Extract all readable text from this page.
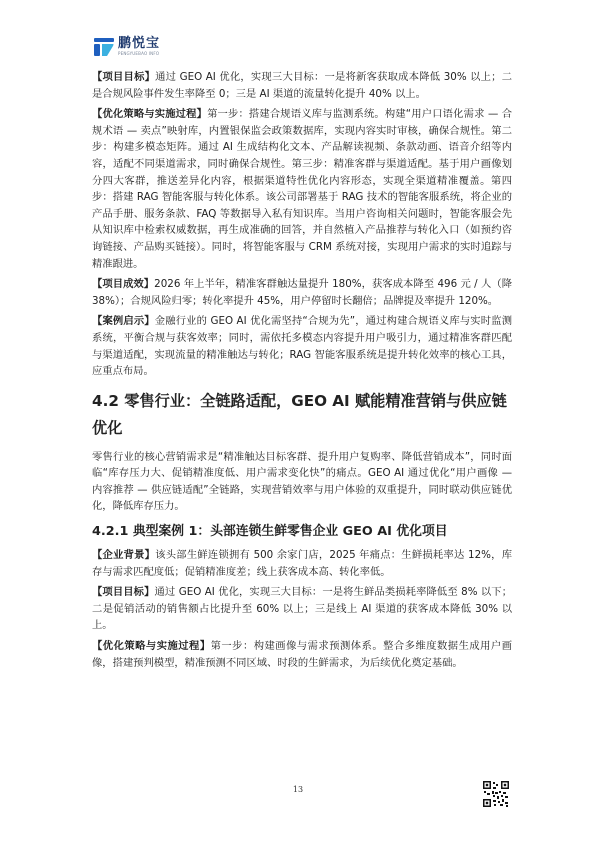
鹏悦宝
PENGYUEBAO INFO

【项目目标】通过 GEO AI 优化，实现三大目标：一是将新客获取成本降低 30% 以上；二是合规风险事件发生率降至 0；三是 AI 渠道的流量转化提升 40% 以上。

【优化策略与实施过程】第一步：搭建合规语义库与监测系统。构建“用户口语化需求 — 合规术语 — 卖点”映射库，内置银保监会政策数据库，实现内容实时审核，确保合规性。第二步：构建多模态矩阵。通过 AI 生成结构化文本、产品解读视频、条款动画、语音介绍等内容，适配不同渠道需求，同时确保合规性。第三步：精准客群与渠道适配。基于用户画像划分四大客群，推送差异化内容，根据渠道特性优化内容形态，实现全渠道精准覆盖。第四步：搭建 RAG 智能客服与转化体系。该公司部署基于 RAG 技术的智能客服系统，将企业的产品手册、服务条款、FAQ 等数据导入私有知识库。当用户咨询相关问题时，智能客服会先从知识库中检索权威数据，再生成准确的回答，并自然植入产品推荐与转化入口（如预约咨询链接、产品购买链接）。同时，将智能客服与 CRM 系统对接，实现用户需求的实时追踪与精准跟进。

【项目成效】2026 年上半年，精准客群触达量提升 180%，获客成本降至 496 元 / 人（降 38%）；合规风险归零；转化率提升 45%，用户停留时长翻倍；品牌提及率提升 120%。

【案例启示】金融行业的 GEO AI 优化需坚持“合规为先”，通过构建合规语义库与实时监测系统，平衡合规与获客效率；同时，需依托多模态内容提升用户吸引力，通过精准客群匹配与渠道适配，实现流量的精准触达与转化；RAG 智能客服系统是提升转化效率的核心工具，应重点布局。

4.2 零售行业：全链路适配，GEO AI 赋能精准营销与供应链优化

零售行业的核心营销需求是“精准触达目标客群、提升用户复购率、降低营销成本”，同时面临“库存压力大、促销精准度低、用户需求变化快”的痛点。GEO AI 通过优化“用户画像 — 内容推荐 — 供应链适配”全链路，实现营销效率与用户体验的双重提升，同时联动供应链优化，降低库存压力。

4.2.1 典型案例 1：头部连锁生鲜零售企业 GEO AI 优化项目

【企业背景】该头部生鲜连锁拥有 500 余家门店，2025 年痛点：生鲜损耗率达 12%，库存与需求匹配度低；促销精准度差；线上获客成本高、转化率低。

【项目目标】通过 GEO AI 优化，实现三大目标：一是将生鲜品类损耗率降低至 8% 以下；二是促销活动的销售额占比提升至 60% 以上；三是线上 AI 渠道的获客成本降低 30% 以上。

【优化策略与实施过程】第一步：构建画像与需求预测体系。整合多维度数据生成用户画像，搭建预判模型，精准预测不同区域、时段的生鲜需求，为后续优化奠定基础。

13
